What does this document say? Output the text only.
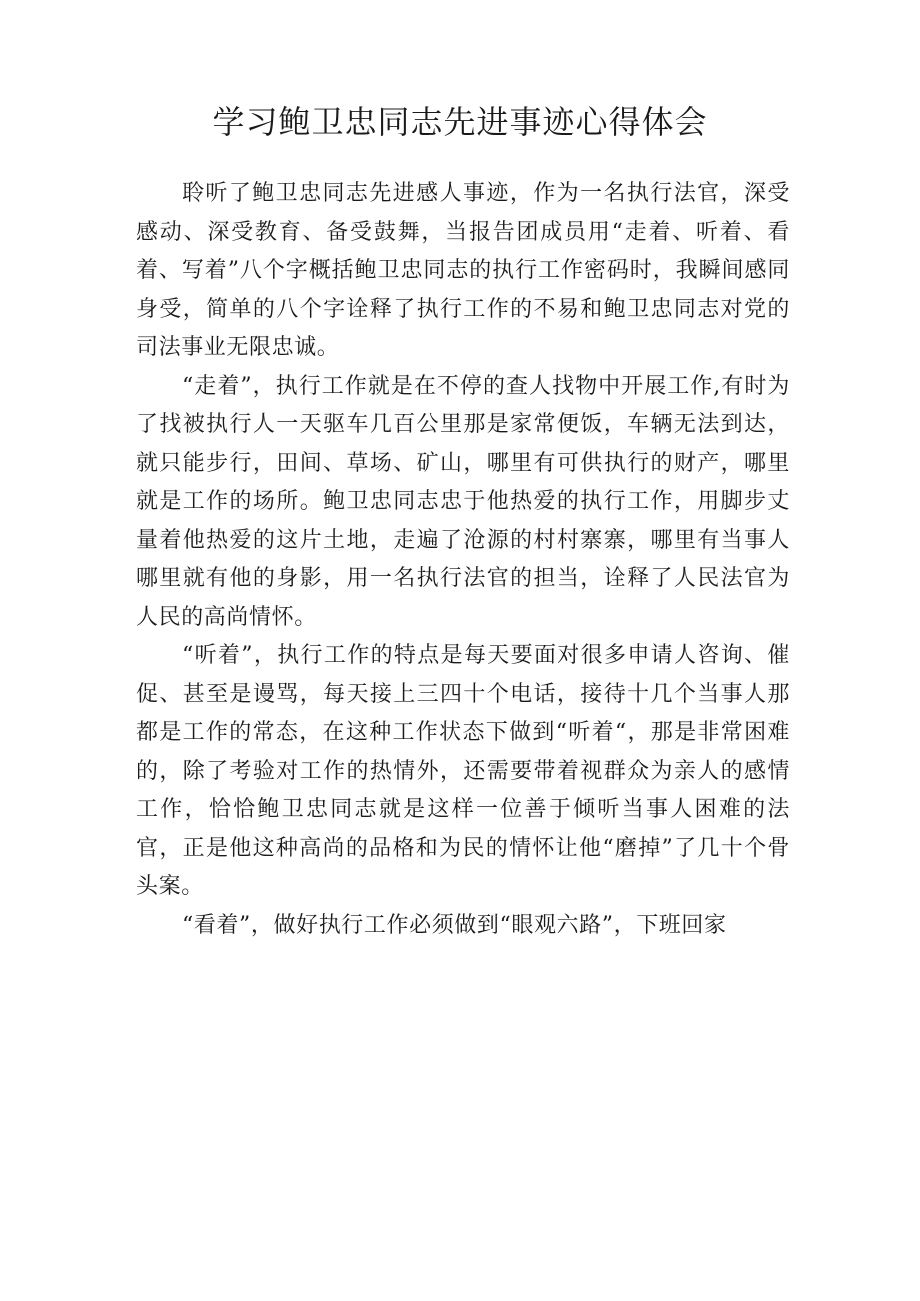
学习鲍卫忠同志先进事迹心得体会

聆听了鲍卫忠同志先进感人事迹，作为一名执行法官，深受感动、深受教育、备受鼓舞，当报告团成员用“走着、听着、看着、写着”八个字概括鲍卫忠同志的执行工作密码时，我瞬间感同身受，简单的八个字诠释了执行工作的不易和鲍卫忠同志对党的司法事业无限忠诚。

“走着”，执行工作就是在不停的查人找物中开展工作,有时为了找被执行人一天驱车几百公里那是家常便饭，车辆无法到达，就只能步行，田间、草场、矿山，哪里有可供执行的财产，哪里就是工作的场所。鲍卫忠同志忠于他热爱的执行工作，用脚步丈量着他热爱的这片土地，走遍了沧源的村村寨寨，哪里有当事人哪里就有他的身影，用一名执行法官的担当，诠释了人民法官为人民的高尚情怀。

“听着”，执行工作的特点是每天要面对很多申请人咨询、催促、甚至是谩骂，每天接上三四十个电话，接待十几个当事人那都是工作的常态，在这种工作状态下做到“听着“，那是非常困难的，除了考验对工作的热情外，还需要带着视群众为亲人的感情工作，恰恰鲍卫忠同志就是这样一位善于倾听当事人困难的法官，正是他这种高尚的品格和为民的情怀让他“磨掉”了几十个骨头案。

“看着”，做好执行工作必须做到“眼观六路”，下班回家
